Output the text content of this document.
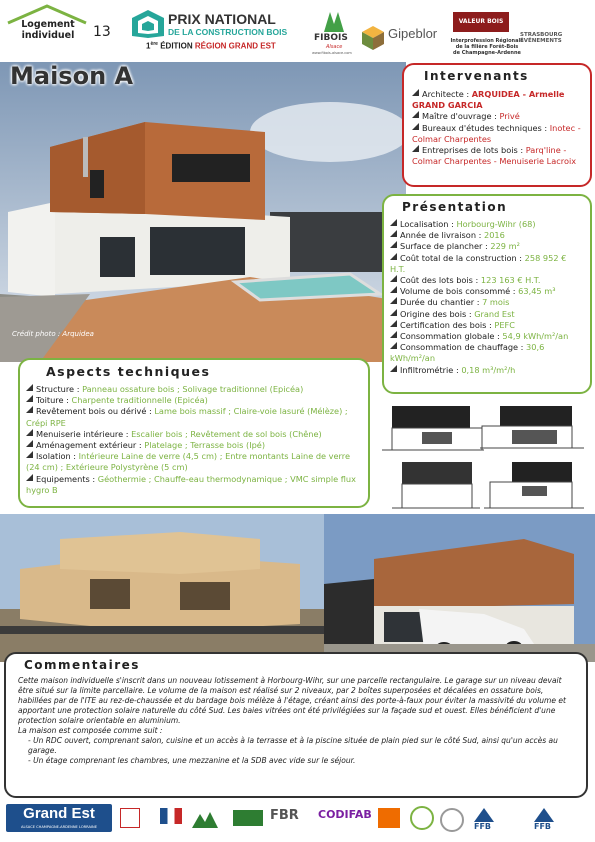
Logement
individuel	13
PRIX NATIONAL
DE LA CONSTRUCTION BOIS
1ère ÉDITION RÉGION GRAND EST
FIBOIS
Alsace
www.fibois-alsace.com
Gipeblor
VALEUR BOIS
Interprofession Régionale
de la filière Forêt-Bois
de Champagne-Ardenne
STRASBOURG ÉVÉNEMENTS
Crédit photo : Arquidea
Maison A	Intervenants
Architecte : ARQUIDEA - Armelle GRAND GARCIA
Maître d'ouvrage : Privé
Bureaux d'études techniques : Inotec - Colmar Charpentes
Entreprises de lots bois : Parq'line - Colmar Charpentes - Menuiserie Lacroix
Présentation
Localisation : Horbourg-Wihr (68)
Année de livraison : 2016
Surface de plancher : 229 m²
Coût total de la construction : 258 952 € H.T.
Coût des lots bois : 123 163 € H.T.
Volume de bois consommé : 63,45 m³
Durée du chantier : 7 mois
Origine des bois : Grand Est
Certification des bois : PEFC
Consommation globale : 54,9 kWh/m²/an
Consommation de chauffage : 30,6 kWh/m²/an
Infiltrométrie : 0,18 m³/m²/h
Aspects techniques
Structure : Panneau ossature bois ; Solivage traditionnel (Epicéa)
Toiture : Charpente traditionnelle (Epicéa)
Revêtement bois ou dérivé : Lame bois massif ; Claire-voie lasuré (Mélèze) ; Crépi RPE
Menuiserie intérieure : Escalier bois ; Revêtement de sol bois (Chêne)
Aménagement extérieur : Platelage ; Terrasse bois (Ipé)
Isolation : Intérieure Laine de verre (4,5 cm) ; Entre montants Laine de verre (24 cm) ; Extérieure Polystyrène (5 cm)
Equipements : Géothermie ; Chauffe-eau thermodynamique ; VMC simple flux hygro B
Commentaires
Cette maison individuelle s'inscrit dans un nouveau lotissement à Horbourg-Wihr, sur une parcelle rectangulaire. Le garage sur un niveau devait être situé sur la limite parcellaire. Le volume de la maison est réalisé sur 2 niveaux, par 2 boîtes superposées et décalées en ossature bois, habillées par de l'ITE au rez-de-chaussée et du bardage bois mélèze à l'étage, créant ainsi des porte-à-faux pour éviter la massivité du volume et apportant une protection solaire naturelle du côté Sud. Les baies vitrées ont été privilégiées sur la façade sud et ouest. Elles bénéficient d'une protection solaire orientable en aluminium.
La maison est composée comme suit :
- Un RDC ouvert, comprenant salon, cuisine et un accès à la terrasse et à la piscine située de plain pied sur le côté Sud, ainsi qu'un accès au garage.
- Un étage comprenant les chambres, une mezzanine et la SDB avec vide sur le séjour.
Grand Est
ALSACE CHAMPAGNE-ARDENNE LORRAINE
FBR CODIFAB
FFB	FFB
